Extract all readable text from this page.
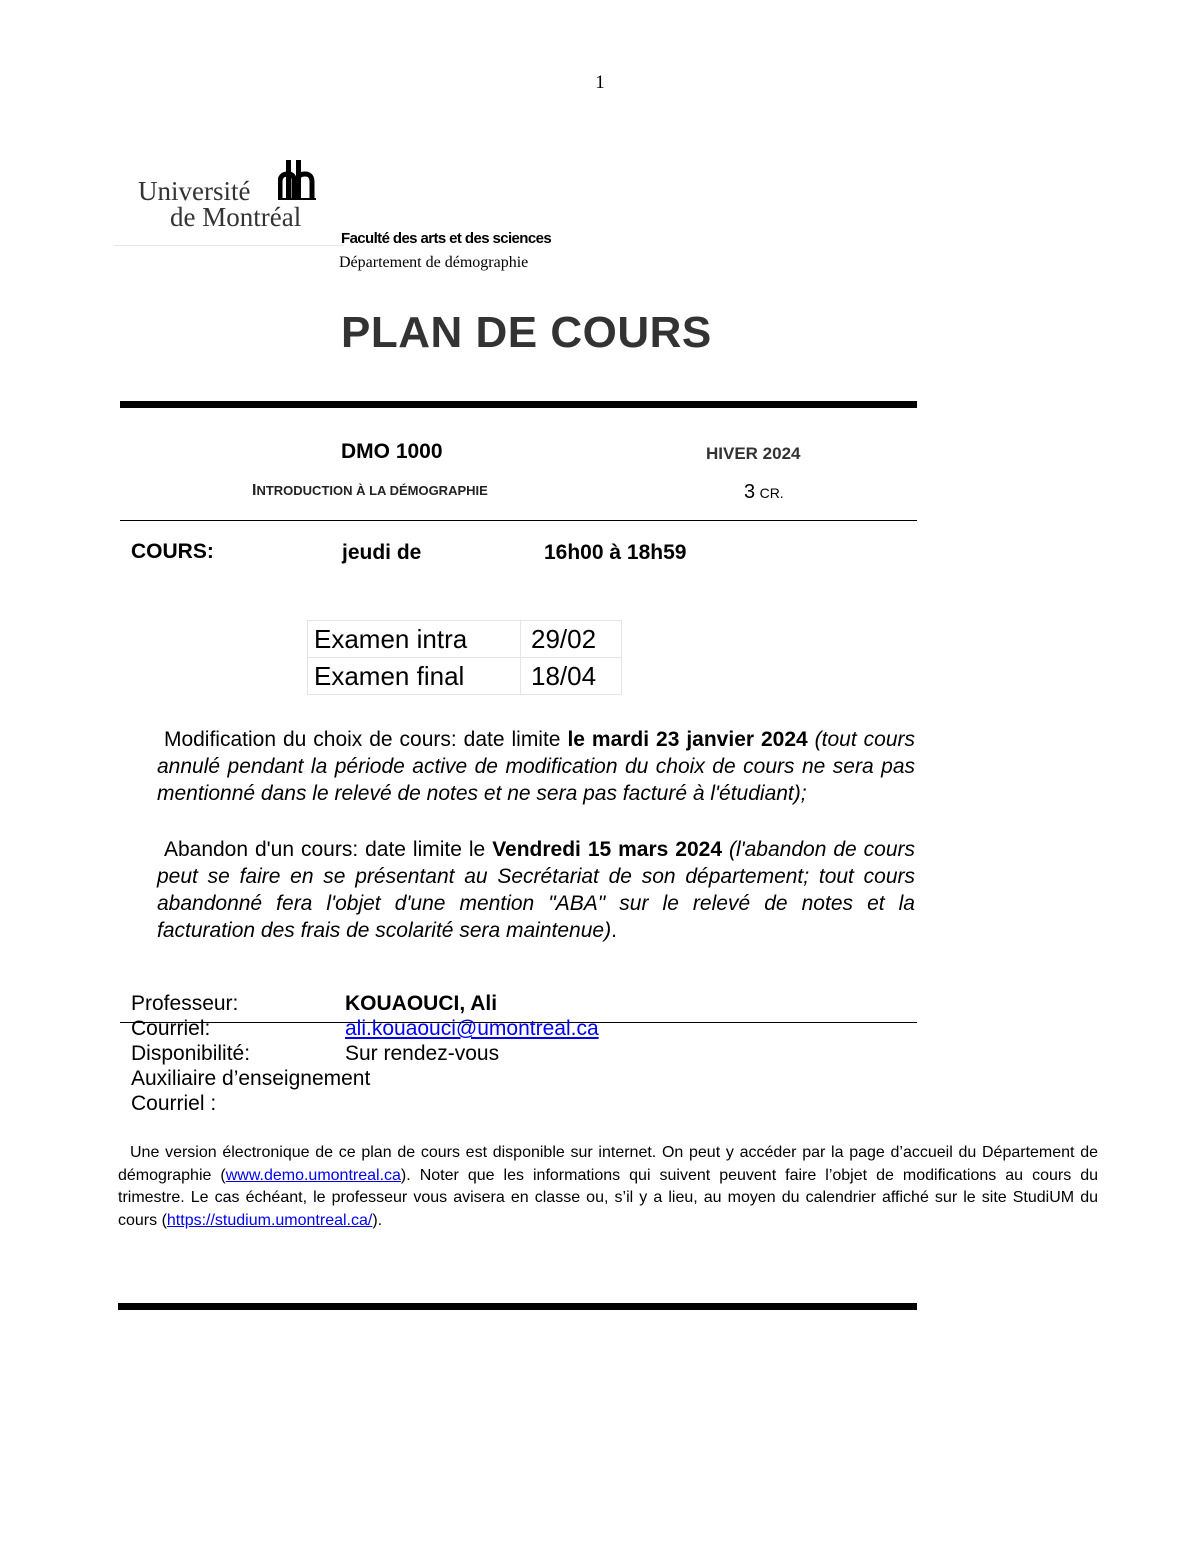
1
Université
de Montréal
Faculté des arts et des sciences
Département de démographie
PLAN DE COURS
DMO 1000	HIVER 2024
INTRODUCTION À LA DÉMOGRAPHIE	3 CR.
COURS:	jeudi de	16h00 à 18h59
Examen intra	29/02
Examen final	18/04
Modification du choix de cours: date limite le mardi 23 janvier 2024 (tout cours annulé pendant la période active de modification du choix de cours ne sera pas mentionné dans le relevé de notes et ne sera pas facturé à l'étudiant);
Abandon d'un cours: date limite le Vendredi 15 mars 2024 (l'abandon de cours peut se faire en se présentant au Secrétariat de son département; tout cours abandonné fera l'objet d'une mention "ABA" sur le relevé de notes et la facturation des frais de scolarité sera maintenue).
Professeur:	KOUAOUCI, Ali
Courriel:	ali.kouaouci@umontreal.ca
Disponibilité:	Sur rendez-vous
Auxiliaire d’enseignement
Courriel :
Une version électronique de ce plan de cours est disponible sur internet. On peut y accéder par la page d’accueil du Département de démographie (www.demo.umontreal.ca). Noter que les informations qui suivent peuvent faire l’objet de modifications au cours du trimestre. Le cas échéant, le professeur vous avisera en classe ou, s’il y a lieu, au moyen du calendrier affiché sur le site StudiUM du cours (https://studium.umontreal.ca/).
